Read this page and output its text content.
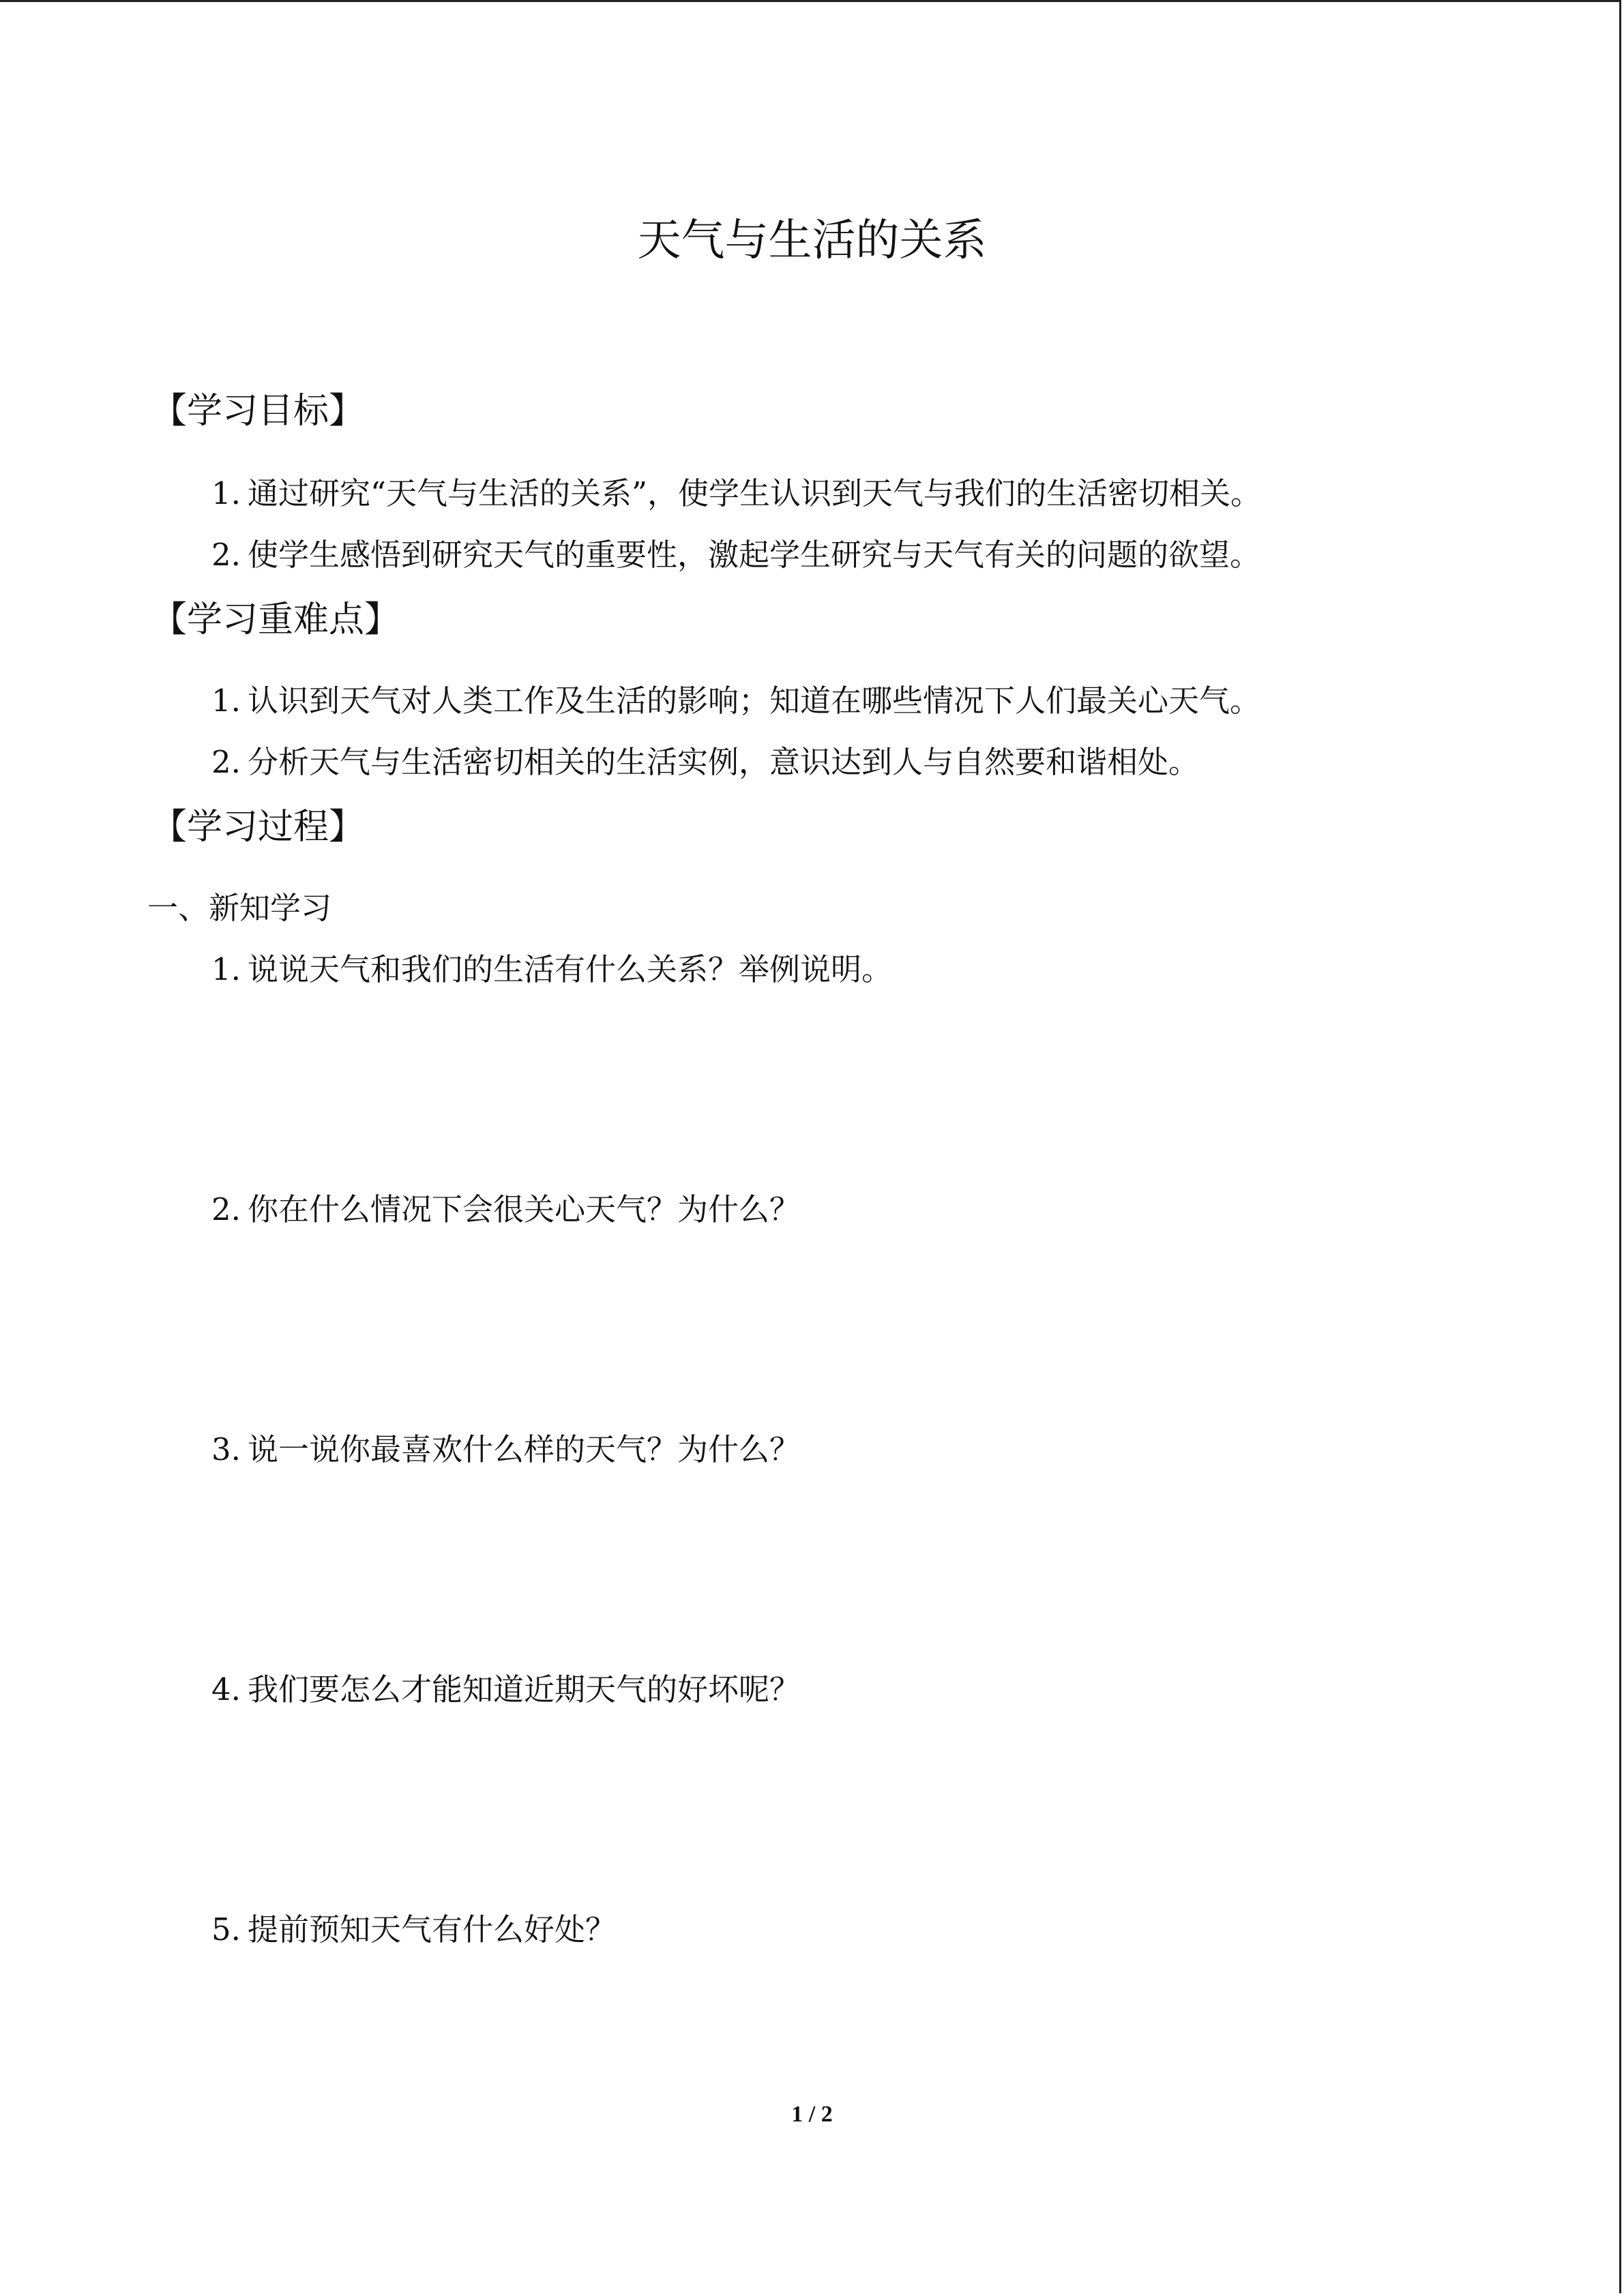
天气与生活的关系
【学习目标】
1. 通过研究“天气与生活的关系”，使学生认识到天气与我们的生活密切相关。
2. 使学生感悟到研究天气的重要性，激起学生研究与天气有关的问题的欲望。
【学习重难点】
1. 认识到天气对人类工作及生活的影响；知道在哪些情况下人们最关心天气。
2. 分析天气与生活密切相关的生活实例，意识达到人与自然要和谐相处。
【学习过程】
一、新知学习
1. 说说天气和我们的生活有什么关系？举例说明。
2. 你在什么情况下会很关心天气？为什么？
3. 说一说你最喜欢什么样的天气？为什么？
4. 我们要怎么才能知道近期天气的好坏呢？
5. 提前预知天气有什么好处？
1 / 2
